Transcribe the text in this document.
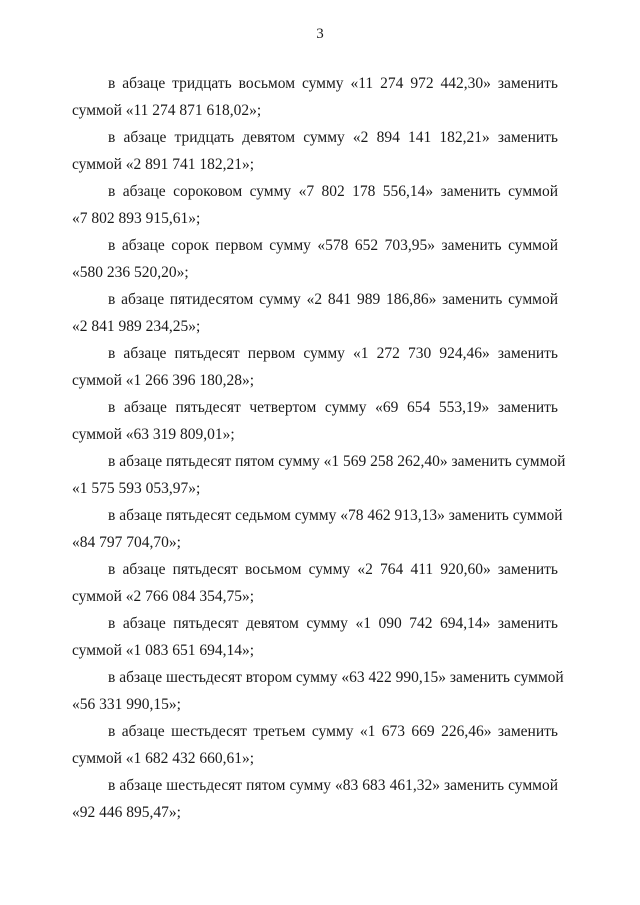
3

в абзаце тридцать восьмом сумму «11 274 972 442,30» заменить
суммой «11 274 871 618,02»;

в абзаце тридцать девятом сумму «2 894 141 182,21» заменить
суммой «2 891 741 182,21»;

в абзаце сороковом сумму «7 802 178 556,14» заменить суммой
«7 802 893 915,61»;

в абзаце сорок первом сумму «578 652 703,95» заменить суммой
«580 236 520,20»;

в абзаце пятидесятом сумму «2 841 989 186,86» заменить суммой
«2 841 989 234,25»;

в абзаце пятьдесят первом сумму «1 272 730 924,46» заменить
суммой «1 266 396 180,28»;

в абзаце пятьдесят четвертом сумму «69 654 553,19» заменить
суммой «63 319 809,01»;

в абзаце пятьдесят пятом сумму «1 569 258 262,40» заменить суммой
«1 575 593 053,97»;

в абзаце пятьдесят седьмом сумму «78 462 913,13» заменить суммой
«84 797 704,70»;

в абзаце пятьдесят восьмом сумму «2 764 411 920,60» заменить
суммой «2 766 084 354,75»;

в абзаце пятьдесят девятом сумму «1 090 742 694,14» заменить
суммой «1 083 651 694,14»;

в абзаце шестьдесят втором сумму «63 422 990,15» заменить суммой
«56 331 990,15»;

в абзаце шестьдесят третьем сумму «1 673 669 226,46» заменить
суммой «1 682 432 660,61»;

в абзаце шестьдесят пятом сумму «83 683 461,32» заменить суммой
«92 446 895,47»;
